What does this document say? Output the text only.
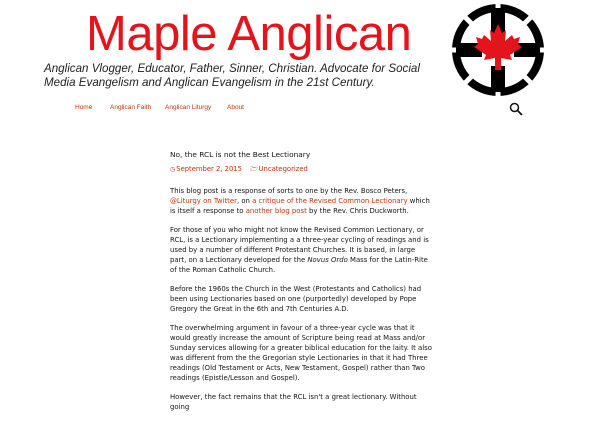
Maple Anglican
Anglican Vlogger, Educator, Father, Sinner, Christian. Advocate for Social
Media Evangelism and Anglican Evangelism in the 21st Century.
Home	Anglican Faith Anglican Liturgy About
No, the RCL is not the Best Lectionary
◷September 2, 2015 🗁Uncategorized

This blog post is a response of sorts to one by the Rev. Bosco Peters, @Liturgy on Twitter, on a critique of the Revised Common Lectionary which is itself a response to another blog post by the Rev. Chris Duckworth.

For those of you who might not know the Revised Common Lectionary, or RCL, is a Lectionary implementing a a three-year cycling of readings and is used by a number of different Protestant Churches. It is based, in large part, on a Lectionary developed for the Novus Ordo Mass for the Latin-Rite of the Roman Catholic Church.

Before the 1960s the Church in the West (Protestants and Catholics) had been using Lectionaries based on one (purportedly) developed by Pope Gregory the Great in the 6th and 7th Centuries A.D.

The overwhelming argument in favour of a three-year cycle was that it would greatly increase the amount of Scripture being read at Mass and/or Sunday services allowing for a greater biblical education for the laity. It also was different from the the Gregorian style Lectionaries in that it had Three readings (Old Testament or Acts, New Testament, Gospel) rather than Two readings (Epistle/Lesson and Gospel).

However, the fact remains that the RCL isn't a great lectionary. Without going
